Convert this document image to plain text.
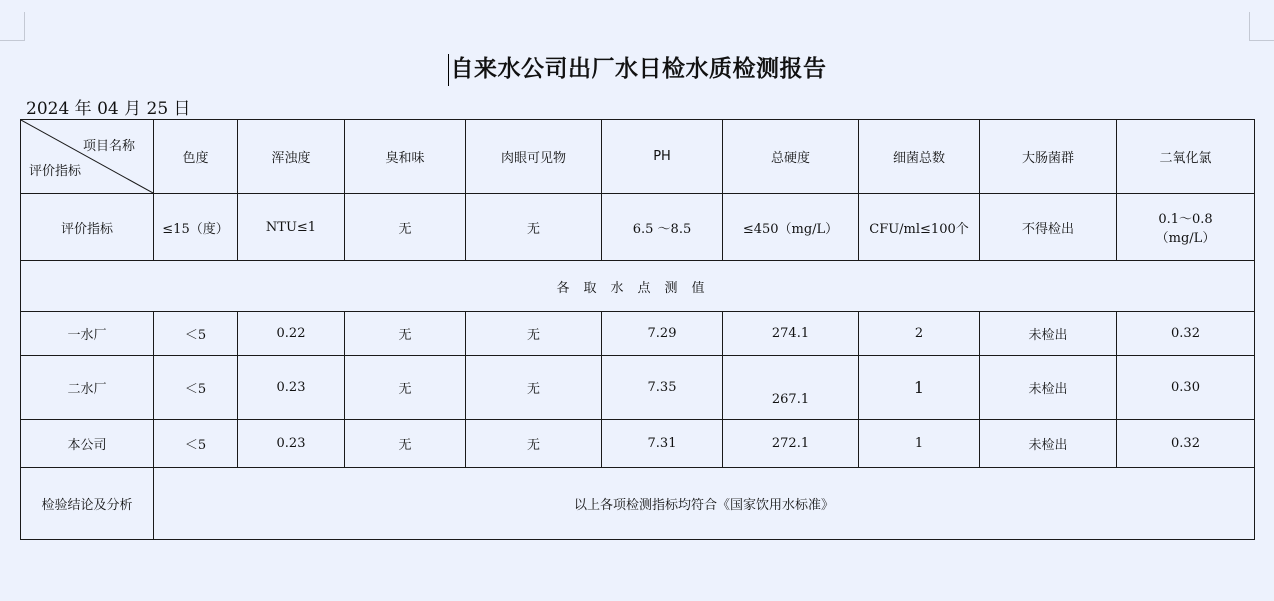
自来水公司出厂水日检水质检测报告
2024 年 04 月 25 日
项目名称
评价指标	色度	浑浊度	臭和味	肉眼可见物	PH	总硬度	细菌总数	大肠菌群	二氧化氯
评价指标	≤15（度）	NTU≤1	无	无	6.5 ～8.5	≤450（mg/L）	CFU/ml≤100个	不得检出	0.1～0.8
（mg/L）
各取水点测值									
一水厂	＜5	0.22	无	无	7.29	274.1	2	未检出	0.32
二水厂	＜5	0.23	无	无	7.35	267.1	1	未检出	0.30
本公司	＜5	0.23	无	无	7.31	272.1	1	未检出	0.32
检验结论及分析	以上各项检测指标均符合《国家饮用水标准》								
